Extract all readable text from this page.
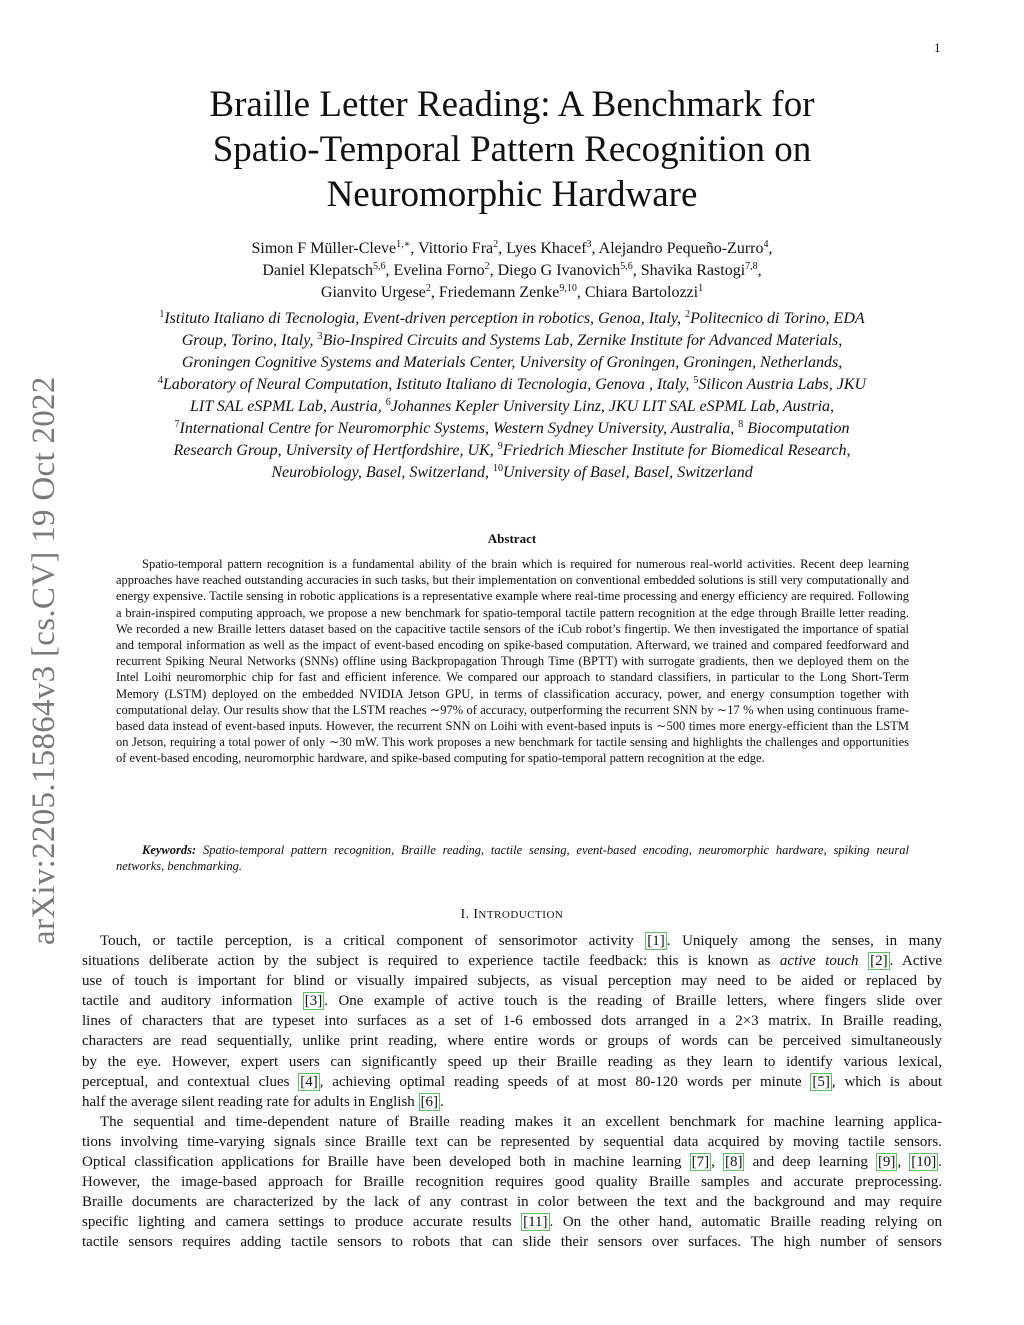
1
arXiv:2205.15864v3 [cs.CV] 19 Oct 2022
Braille Letter Reading: A Benchmark for
Spatio-Temporal Pattern Recognition on
Neuromorphic Hardware
Simon F Müller-Cleve$^{1,∗}$, Vittorio Fra$^2$, Lyes Khacef$^3$, Alejandro Pequeño-Zurro$^4$,
Daniel Klepatsch$^{5,6}$, Evelina Forno$^2$, Diego G Ivanovich$^{5,6}$, Shavika Rastogi$^{7,8}$,
Gianvito Urgese$^2$, Friedemann Zenke$^{9,10}$, Chiara Bartolozzi$^1$
$^1$Istituto Italiano di Tecnologia, Event-driven perception in robotics, Genoa, Italy, $^2$Politecnico di Torino, EDA
Group, Torino, Italy, $^3$Bio-Inspired Circuits and Systems Lab, Zernike Institute for Advanced Materials,
Groningen Cognitive Systems and Materials Center, University of Groningen, Groningen, Netherlands,
$^4$Laboratory of Neural Computation, Istituto Italiano di Tecnologia, Genova , Italy, $^5$Silicon Austria Labs, JKU
LIT SAL eSPML Lab, Austria, $^6$Johannes Kepler University Linz, JKU LIT SAL eSPML Lab, Austria,
$^7$International Centre for Neuromorphic Systems, Western Sydney University, Australia, $^8$ Biocomputation
Research Group, University of Hertfordshire, UK, $^9$Friedrich Miescher Institute for Biomedical Research,
Neurobiology, Basel, Switzerland, $^{10}$University of Basel, Basel, Switzerland
Abstract

Spatio-temporal pattern recognition is a fundamental ability of the brain which is required for numerous real-world activities. Recent deep learning approaches have reached outstanding accuracies in such tasks, but their implementation on conventional embedded solutions is still very computationally and energy expensive. Tactile sensing in robotic applications is a representative example where real-time processing and energy efficiency are required. Following a brain-inspired computing approach, we propose a new benchmark for spatio-temporal tactile pattern recognition at the edge through Braille letter reading. We recorded a new Braille letters dataset based on the capacitive tactile sensors of the iCub robot’s fingertip. We then investigated the importance of spatial and temporal information as well as the impact of event-based encoding on spike-based computation. Afterward, we trained and compared feedforward and recurrent Spiking Neural Networks (SNNs) offline using Backpropagation Through Time (BPTT) with surrogate gradients, then we deployed them on the Intel Loihi neuromorphic chip for fast and efficient inference. We compared our approach to standard classifiers, in particular to the Long Short-Term Memory (LSTM) deployed on the embedded NVIDIA Jetson GPU, in terms of classification accuracy, power, and energy consumption together with computational delay. Our results show that the LSTM reaches ∼97% of accuracy, outperforming the recurrent SNN by ∼17 % when using continuous frame-based data instead of event-based inputs. However, the recurrent SNN on Loihi with event-based inputs is ∼500 times more energy-efficient than the LSTM on Jetson, requiring a total power of only ∼30 mW. This work proposes a new benchmark for tactile sensing and highlights the challenges and opportunities of event-based encoding, neuromorphic hardware, and spike-based computing for spatio-temporal pattern recognition at the edge.

Keywords: Spatio-temporal pattern recognition, Braille reading, tactile sensing, event-based encoding, neuromorphic hardware, spiking neural networks, benchmarking.
I. INTRODUCTION
Touch, or tactile perception, is a critical component of sensorimotor activity [1] . Uniquely among the senses, in many
situations deliberate action by the subject is required to experience tactile feedback: this is known as active touch [2] . Active
use of touch is important for blind or visually impaired subjects, as visual perception may need to be aided or replaced by
tactile and auditory information [3] . One example of active touch is the reading of Braille letters, where fingers slide over
lines of characters that are typeset into surfaces as a set of 1-6 embossed dots arranged in a 2×3 matrix. In Braille reading,
characters are read sequentially, unlike print reading, where entire words or groups of words can be perceived simultaneously
by the eye. However, expert users can significantly speed up their Braille reading as they learn to identify various lexical,
perceptual, and contextual clues [4] , achieving optimal reading speeds of at most 80-120 words per minute [5] , which is about
half the average silent reading rate for adults in English [6] .
The sequential and time-dependent nature of Braille reading makes it an excellent benchmark for machine learning applica-
tions involving time-varying signals since Braille text can be represented by sequential data acquired by moving tactile sensors.
Optical classification applications for Braille have been developed both in machine learning [7] , [8] and deep learning [9] , [10] .
However, the image-based approach for Braille recognition requires good quality Braille samples and accurate preprocessing.
Braille documents are characterized by the lack of any contrast in color between the text and the background and may require
specific lighting and camera settings to produce accurate results [11] . On the other hand, automatic Braille reading relying on
tactile sensors requires adding tactile sensors to robots that can slide their sensors over surfaces. The high number of sensors
